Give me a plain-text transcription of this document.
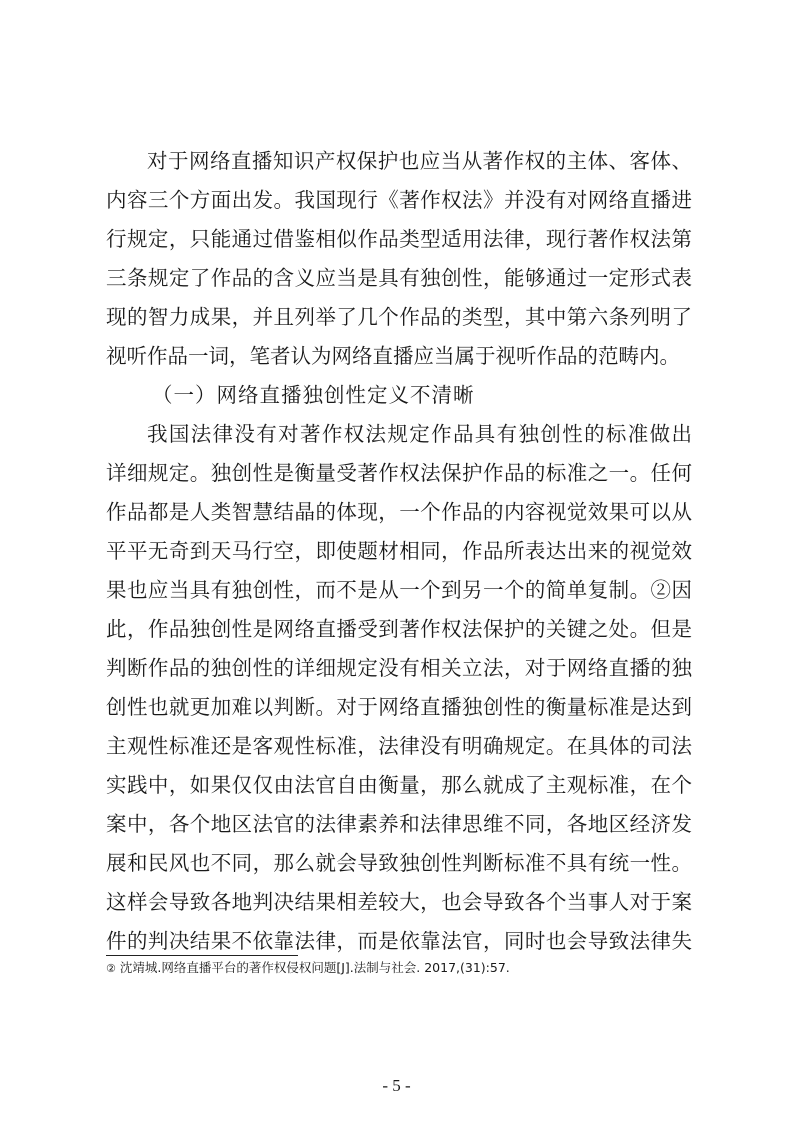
对于网络直播知识产权保护也应当从著作权的主体、客体、
内容三个方面出发。我国现行《著作权法》并没有对网络直播进
行规定，只能通过借鉴相似作品类型适用法律，现行著作权法第
三条规定了作品的含义应当是具有独创性，能够通过一定形式表
现的智力成果，并且列举了几个作品的类型，其中第六条列明了
视听作品一词，笔者认为网络直播应当属于视听作品的范畴内。
（一）网络直播独创性定义不清晰
我国法律没有对著作权法规定作品具有独创性的标准做出
详细规定。独创性是衡量受著作权法保护作品的标准之一。任何
作品都是人类智慧结晶的体现，一个作品的内容视觉效果可以从
平平无奇到天马行空，即使题材相同，作品所表达出来的视觉效
果也应当具有独创性，而不是从一个到另一个的简单复制。②因
此，作品独创性是网络直播受到著作权法保护的关键之处。但是
判断作品的独创性的详细规定没有相关立法，对于网络直播的独
创性也就更加难以判断。对于网络直播独创性的衡量标准是达到
主观性标准还是客观性标准，法律没有明确规定。在具体的司法
实践中，如果仅仅由法官自由衡量，那么就成了主观标准，在个
案中，各个地区法官的法律素养和法律思维不同，各地区经济发
展和民风也不同，那么就会导致独创性判断标准不具有统一性。
这样会导致各地判决结果相差较大，也会导致各个当事人对于案
件的判决结果不依靠法律，而是依靠法官，同时也会导致法律失
② 沈靖城.网络直播平台的著作权侵权问题[J].法制与社会. 2017,(31):57.
- 5 -
